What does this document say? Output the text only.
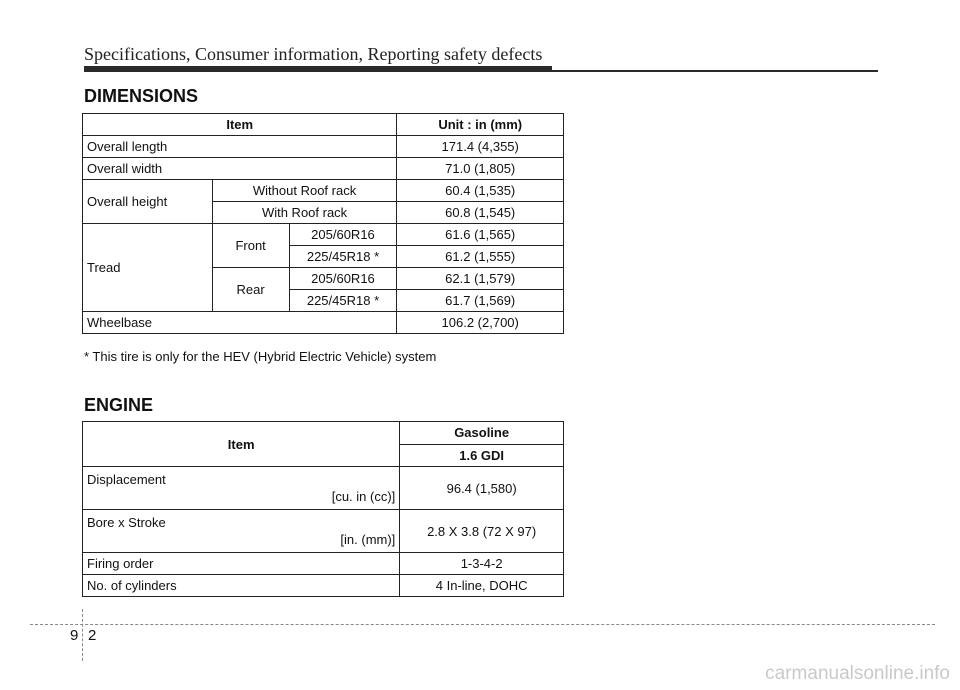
Specifications, Consumer information, Reporting safety defects
DIMENSIONS
Item			Unit : in (mm)
Overall length			171.4 (4,355)
Overall width			71.0 (1,805)
Overall height	Without Roof rack		60.4 (1,535)
	With Roof rack		60.8 (1,545)
Tread	Front	205/60R16	61.6 (1,565)
		225/45R18 *	61.2 (1,555)
	Rear	205/60R16	62.1 (1,579)
		225/45R18 *	61.7 (1,569)
Wheelbase			106.2 (2,700)
* This tire is only for the HEV (Hybrid Electric Vehicle) system
ENGINE
Item	Gasoline
	1.6 GDI

Displacement
[cu. in (cc)]	96.4 (1,580)

Bore x Stroke
[in. (mm)]	2.8 X 3.8 (72 X 97)
Firing order	1-3-4-2
No. of cylinders	4 In-line, DOHC
9 2
carmanualsonline.info
